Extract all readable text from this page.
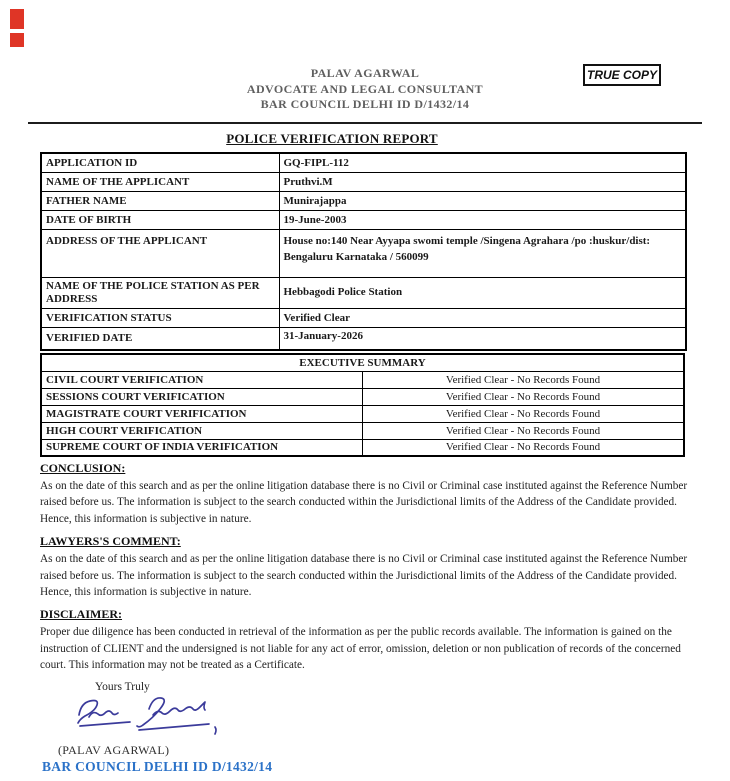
TRUE COPY
PALAV AGARWAL
ADVOCATE AND LEGAL CONSULTANT
BAR COUNCIL DELHI ID D/1432/14
POLICE VERIFICATION REPORT
APPLICATION ID	GQ-FIPL-112
NAME OF THE APPLICANT	Pruthvi.M
FATHER NAME	Munirajappa
DATE OF BIRTH	19-June-2003
ADDRESS OF THE APPLICANT	House no:140 Near Ayyapa swomi temple /Singena Agrahara /po :huskur/dist: Bengaluru Karnataka / 560099
NAME OF THE POLICE STATION AS PER ADDRESS	Hebbagodi Police Station
VERIFICATION STATUS	Verified Clear
VERIFIED DATE	31-January-2026
EXECUTIVE SUMMARY	
CIVIL COURT VERIFICATION	Verified Clear - No Records Found
SESSIONS COURT VERIFICATION	Verified Clear - No Records Found
MAGISTRATE COURT VERIFICATION	Verified Clear - No Records Found
HIGH COURT VERIFICATION	Verified Clear - No Records Found
SUPREME COURT OF INDIA VERIFICATION	Verified Clear - No Records Found
CONCLUSION:
As on the date of this search and as per the online litigation database there is no Civil or Criminal case instituted against the Reference Number raised before us. The information is subject to the search conducted within the Jurisdictional limits of the Address of the Candidate provided. Hence, this information is subjective in nature.
LAWYERS'S COMMENT:
As on the date of this search and as per the online litigation database there is no Civil or Criminal case instituted against the Reference Number raised before us. The information is subject to the search conducted within the Jurisdictional limits of the Address of the Candidate provided. Hence, this information is subjective in nature.
DISCLAIMER:
Proper due diligence has been conducted in retrieval of the information as per the public records available. The information is gained on the instruction of CLIENT and the undersigned is not liable for any act of error, omission, deletion or non publication of records of the concerned court. This information may not be treated as a Certificate.
Yours Truly
(PALAV AGARWAL)
BAR COUNCIL DELHI ID D/1432/14
